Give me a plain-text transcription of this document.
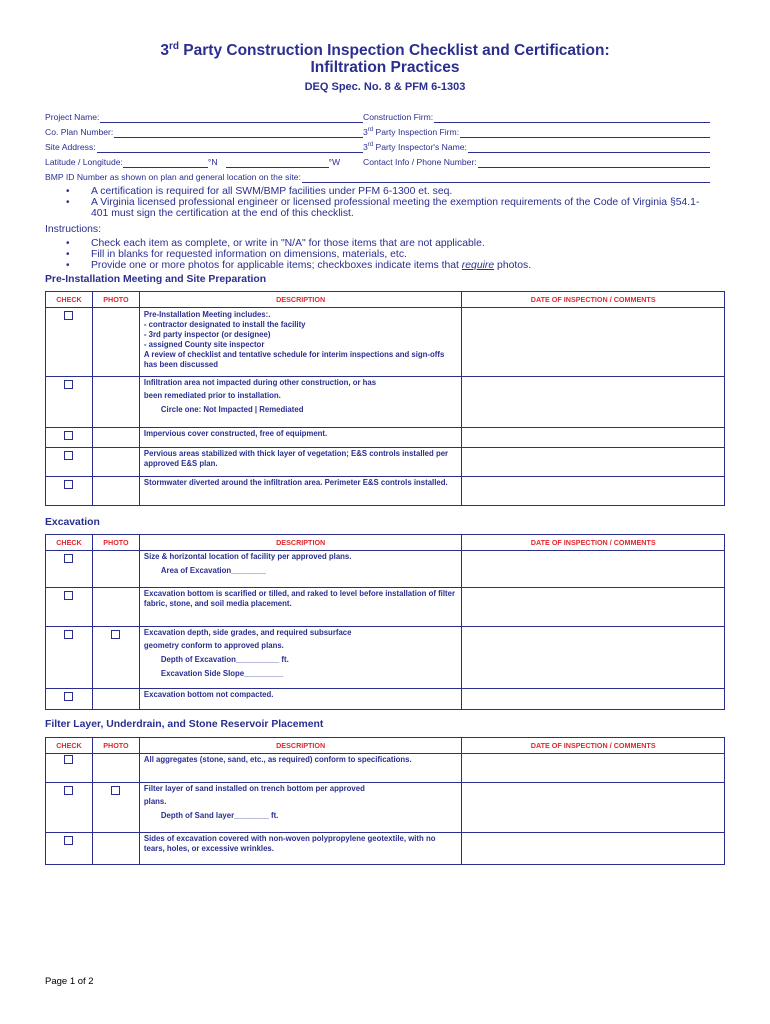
3rd Party Construction Inspection Checklist and Certification:
Infiltration Practices
DEQ Spec. No. 8 & PFM 6-1303
Project Name:	Construction Firm:
Co. Plan Number:	3rd Party Inspection Firm:
Site Address:	3rd Party Inspector's Name:
Latitude / Longitude:	°N	°W	Contact Info / Phone Number:
BMP ID Number as shown on plan and general location on the site:
• A certification is required for all SWM/BMP facilities under PFM 6-1300 et. seq.
• A Virginia licensed professional engineer or licensed professional meeting the exemption requirements of the Code of Virginia §54.1-401 must sign the certification at the end of this checklist.
Instructions:
• Check each item as complete, or write in "N/A" for those items that are not applicable.
• Fill in blanks for requested information on dimensions, materials, etc.
• Provide one or more photos for applicable items; checkboxes indicate items that require photos.
Pre-Installation Meeting and Site Preparation
CHECK	PHOTO	DESCRIPTION	DATE OF INSPECTION / COMMENTS

		Pre-Installation Meeting includes:.
- contractor designated to install the facility
- 3rd party inspector (or designee)
- assigned County site inspector
A review of checklist and tentative schedule for interim inspections and sign-offs has been discussed	

		Infiltration area not impacted during other construction, or has
been remediated prior to installation.
Circle one: Not Impacted | Remediated	

		Impervious cover constructed, free of equipment.	

		Pervious areas stabilized with thick layer of vegetation; E&S controls installed per approved E&S plan.	

		Stormwater diverted around the infiltration area. Perimeter E&S controls installed.	

Excavation
CHECK	PHOTO	DESCRIPTION	DATE OF INSPECTION / COMMENTS

		Size & horizontal location of facility per approved plans.
Area of Excavation________	

		Excavation bottom is scarified or tilled, and raked to level before installation of filter fabric, stone, and soil media placement.	

		Excavation depth, side grades, and required subsurface
geometry conform to approved plans.
Depth of Excavation__________ ft.
Excavation Side Slope_________	

		Excavation bottom not compacted.	

Filter Layer, Underdrain, and Stone Reservoir Placement
CHECK	PHOTO	DESCRIPTION	DATE OF INSPECTION / COMMENTS

		All aggregates (stone, sand, etc., as required) conform to specifications.	

		Filter layer of sand installed on trench bottom per approved
plans.
Depth of Sand layer________ ft.	

		Sides of excavation covered with non-woven polypropylene geotextile, with no tears, holes, or excessive wrinkles.	

Page 1 of 2
